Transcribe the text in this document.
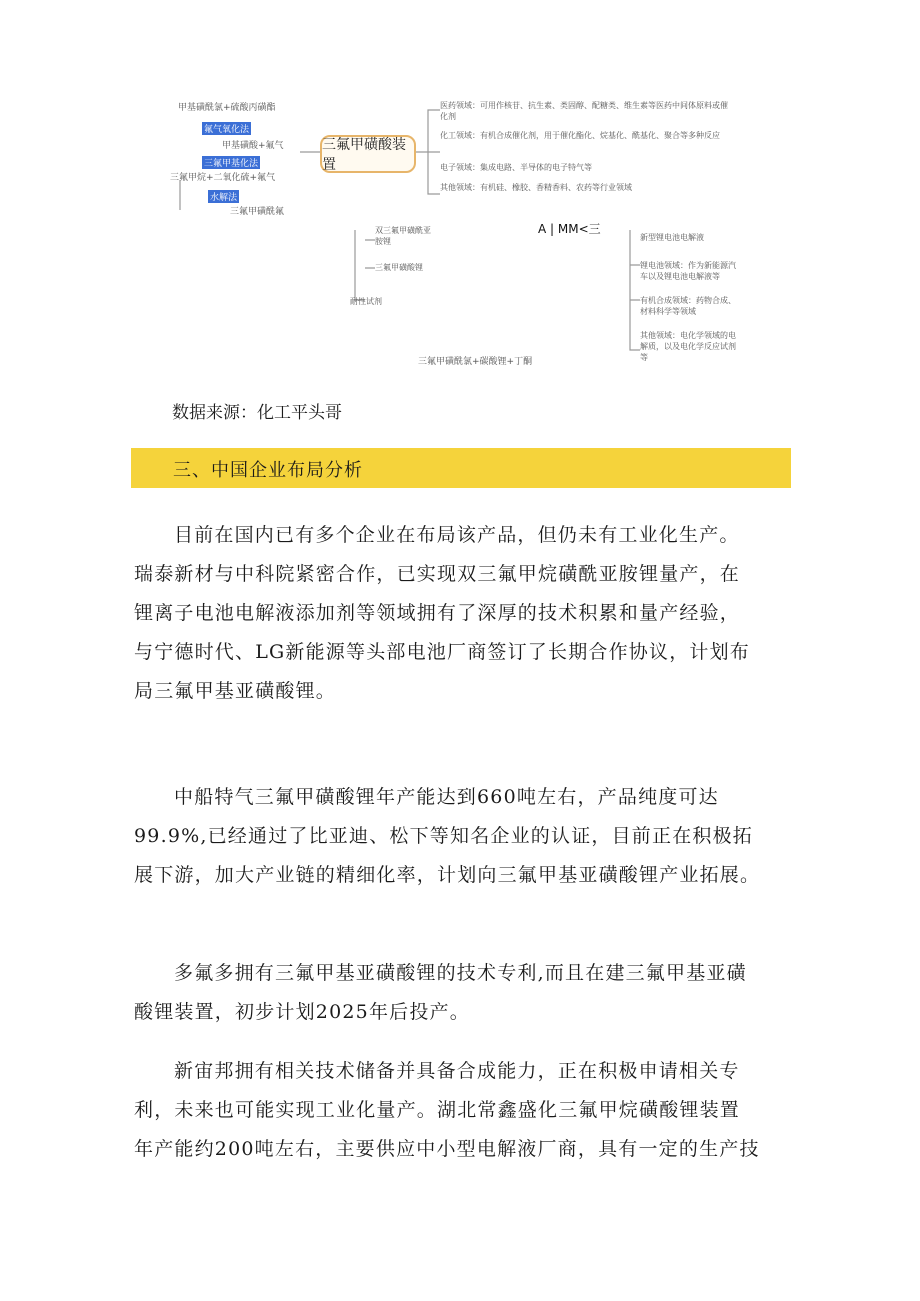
甲基磺酰氯+硫酸丙磺酯
氟气氧化法
甲基磺酸+氟气
三氟甲基化法
三氟甲烷+二氧化硫+氟气
水解法
三氟甲磺酰氟
三氟甲磺酸装置
医药领域：可用作核苷、抗生素、类固醇、配糖类、维生素等医药中间体原料或催化剂
化工领域：有机合成催化剂，用于催化酯化、烷基化、酰基化、聚合等多种反应
电子领域：集成电路、半导体的电子特气等
其他领域：有机硅、橡胶、香精香料、农药等行业领域
双三氟甲磺酰亚胺锂
三氟甲磺酸锂
耐性试剂
A | MM<三
新型锂电池电解液
锂电池领域：作为新能源汽车以及锂电池电解液等
有机合成领域：药物合成、材料科学等领域
其他领域：电化学领域的电解质，以及电化学反应试剂等
三氟甲磺酰氯+碳酸锂+丁酮
数据来源：化工平头哥
三、中国企业布局分析
目前在国内已有多个企业在布局该产品，但仍未有工业化生产。
瑞泰新材与中科院紧密合作，已实现双三氟甲烷磺酰亚胺锂量产，在
锂离子电池电解液添加剂等领域拥有了深厚的技术积累和量产经验，
与宁德时代、LG新能源等头部电池厂商签订了长期合作协议，计划布
局三氟甲基亚磺酸锂。
中船特气三氟甲磺酸锂年产能达到660吨左右，产品纯度可达
99.9%,已经通过了比亚迪、松下等知名企业的认证，目前正在积极拓
展下游，加大产业链的精细化率，计划向三氟甲基亚磺酸锂产业拓展。
多氟多拥有三氟甲基亚磺酸锂的技术专利,而且在建三氟甲基亚磺
酸锂装置，初步计划2025年后投产。
新宙邦拥有相关技术储备并具备合成能力，正在积极申请相关专
利，未来也可能实现工业化量产。湖北常鑫盛化三氟甲烷磺酸锂装置
年产能约200吨左右，主要供应中小型电解液厂商，具有一定的生产技
